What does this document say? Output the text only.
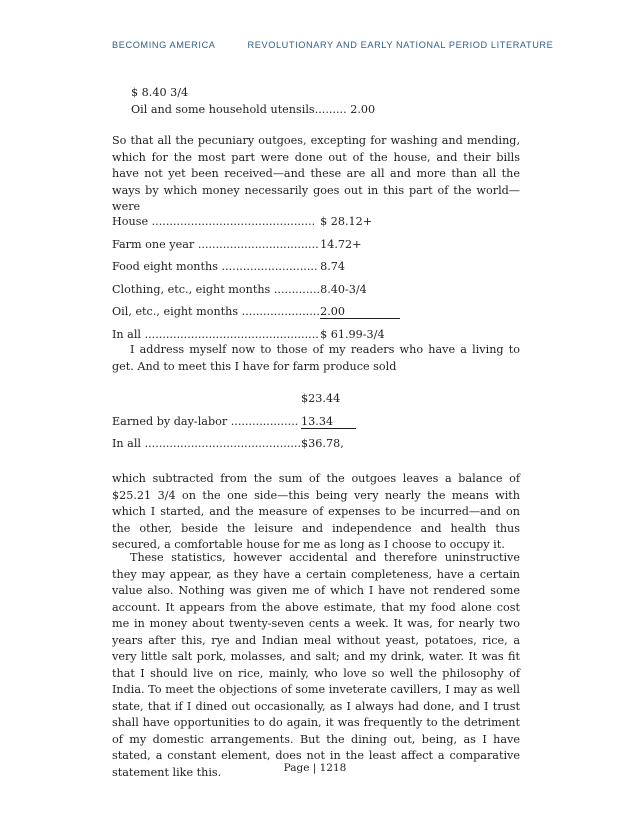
BECOMING AMERICA	REVOLUTIONARY AND EARLY NATIONAL PERIOD LITERATURE
$ 8.40 3/4
Oil and some household utensils......... 2.00

So that all the pecuniary outgoes, excepting for washing and mending, which for the most part were done out of the house, and their bills have not yet been received—and these are all and more than all the ways by which money necessarily goes out in this part of the world—were

House ..............................................	$ 28.12+
Farm one year ..................................	14.72+
Food eight months ...........................	8.74
Clothing, etc., eight months .............	8.40-3/4
Oil, etc., eight months ......................	2.00
In all .................................................	$ 61.99-3/4

I address myself now to those of my readers who have a living to get. And to meet this I have for farm produce sold

	$23.44
Earned by day-labor ...................	13.34
In all ............................................	$36.78,

which subtracted from the sum of the outgoes leaves a balance of $25.21 3/4 on the one side—this being very nearly the means with which I started, and the measure of expenses to be incurred—and on the other, beside the leisure and independence and health thus secured, a comfortable house for me as long as I choose to occupy it.

These statistics, however accidental and therefore uninstructive they may appear, as they have a certain completeness, have a certain value also. Nothing was given me of which I have not rendered some account. It appears from the above estimate, that my food alone cost me in money about twenty-seven cents a week. It was, for nearly two years after this, rye and Indian meal without yeast, potatoes, rice, a very little salt pork, molasses, and salt; and my drink, water. It was fit that I should live on rice, mainly, who love so well the philosophy of India. To meet the objections of some inveterate cavillers, I may as well state, that if I dined out occasionally, as I always had done, and I trust shall have opportunities to do again, it was frequently to the detriment of my domestic arrangements. But the dining out, being, as I have stated, a constant element, does not in the least affect a comparative statement like this.	Page | 1218
